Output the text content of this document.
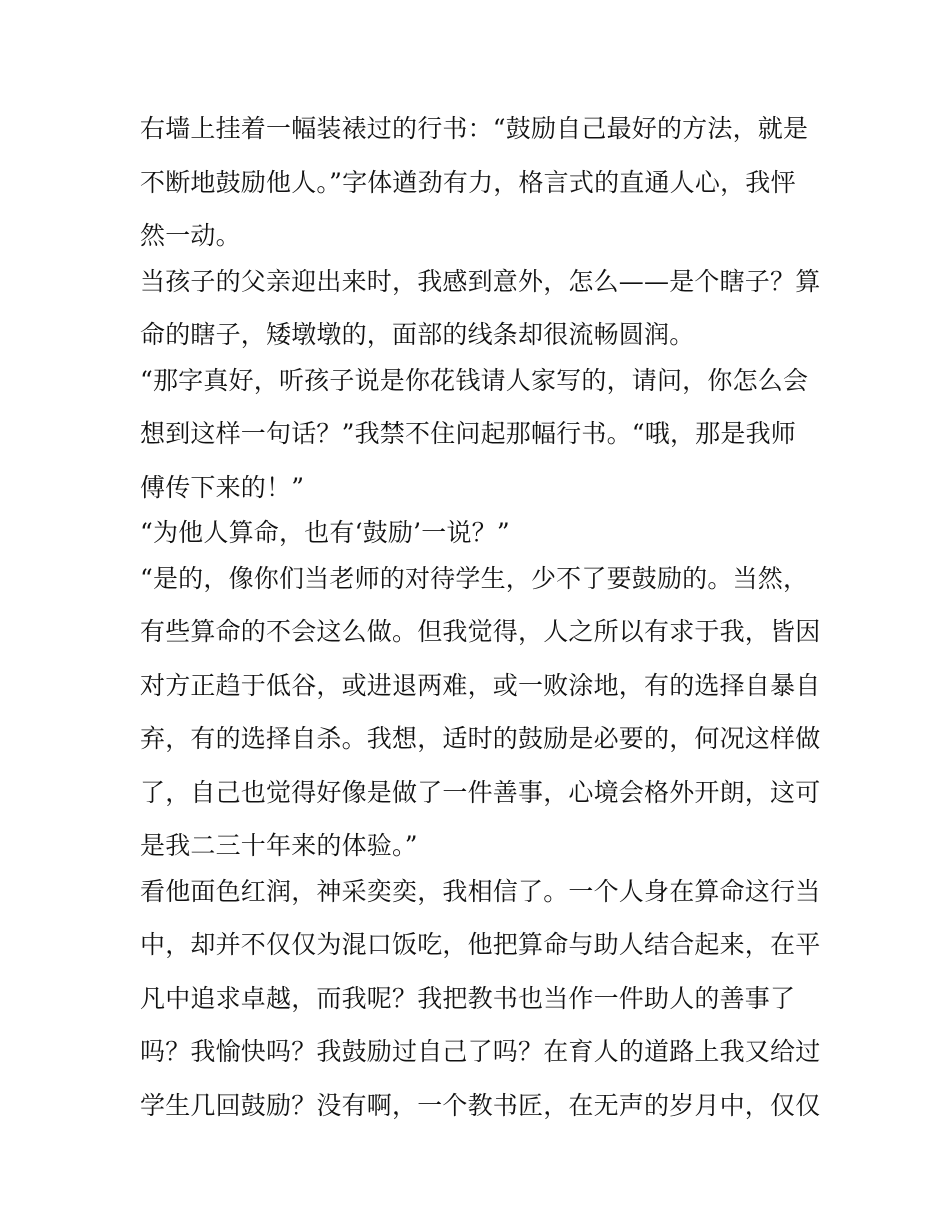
右墙上挂着一幅装裱过的行书：“鼓励自己最好的方法，就是
不断地鼓励他人。”字体遒劲有力，格言式的直通人心，我怦
然一动。
当孩子的父亲迎出来时，我感到意外，怎么——是个瞎子？算
命的瞎子，矮墩墩的，面部的线条却很流畅圆润。
“那字真好，听孩子说是你花钱请人家写的，请问，你怎么会
想到这样一句话？”我禁不住问起那幅行书。“哦，那是我师
傅传下来的！”
“为他人算命，也有‘鼓励’一说？”
“是的，像你们当老师的对待学生，少不了要鼓励的。当然，
有些算命的不会这么做。但我觉得，人之所以有求于我，皆因
对方正趋于低谷，或进退两难，或一败涂地，有的选择自暴自
弃，有的选择自杀。我想，适时的鼓励是必要的，何况这样做
了，自己也觉得好像是做了一件善事，心境会格外开朗，这可
是我二三十年来的体验。”
看他面色红润，神采奕奕，我相信了。一个人身在算命这行当
中，却并不仅仅为混口饭吃，他把算命与助人结合起来，在平
凡中追求卓越，而我呢？我把教书也当作一件助人的善事了
吗？我愉快吗？我鼓励过自己了吗？在育人的道路上我又给过
学生几回鼓励？没有啊，一个教书匠，在无声的岁月中，仅仅
